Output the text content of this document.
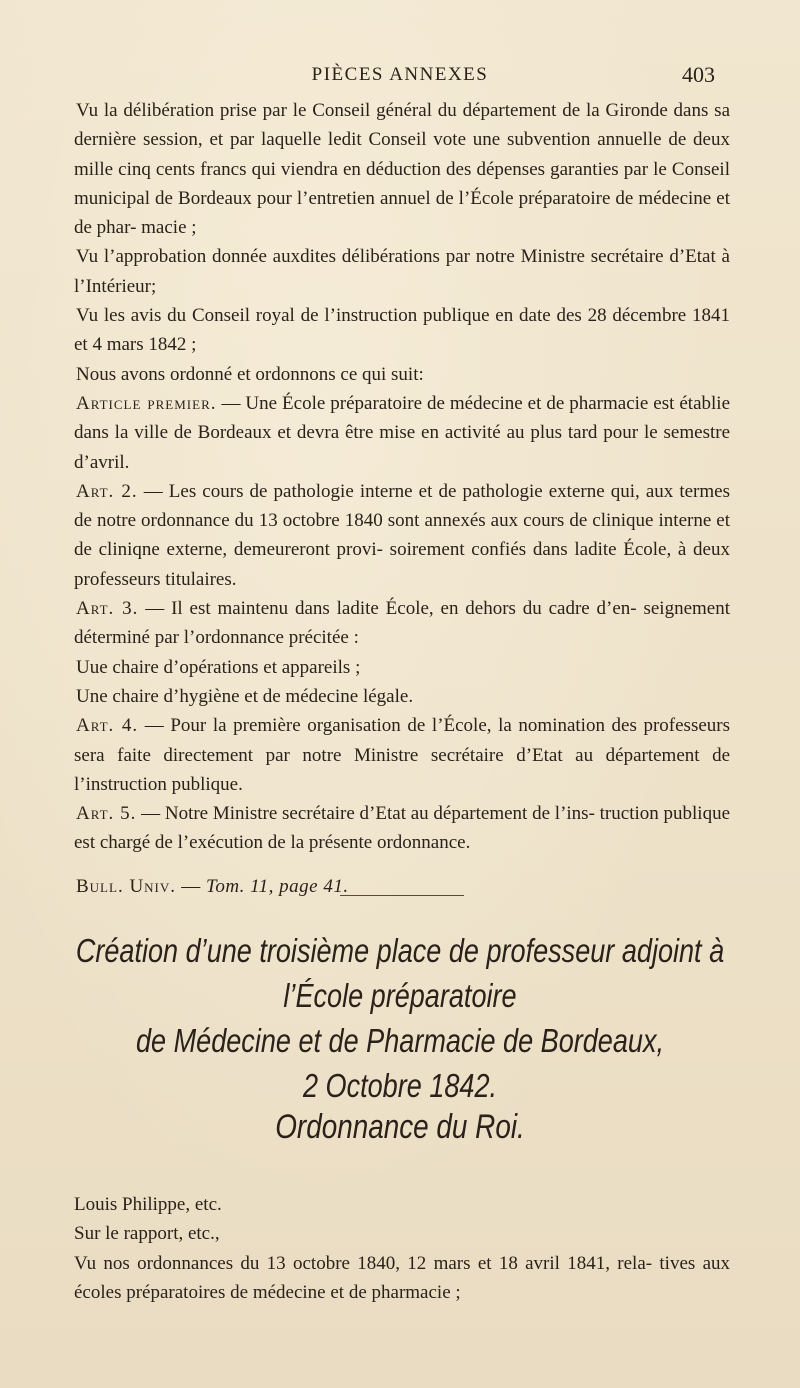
PIÈCES ANNEXES	403

Vu la délibération prise par le Conseil général du département de la Gironde dans sa dernière session, et par laquelle ledit Conseil vote une subvention annuelle de deux mille cinq cents francs qui viendra en déduction des dépenses garanties par le Conseil municipal de Bordeaux pour l’entretien annuel de l’École préparatoire de médecine et de phar- macie ;

Vu l’approbation donnée auxdites délibérations par notre Ministre secrétaire d’Etat à l’Intérieur;

Vu les avis du Conseil royal de l’instruction publique en date des 28 décembre 1841 et 4 mars 1842 ;

Nous avons ordonné et ordonnons ce qui suit:

Article premier. — Une École préparatoire de médecine et de pharmacie est établie dans la ville de Bordeaux et devra être mise en activité au plus tard pour le semestre d’avril.

Art. 2. — Les cours de pathologie interne et de pathologie externe qui, aux termes de notre ordonnance du 13 octobre 1840 sont annexés aux cours de clinique interne et de cliniqne externe, demeureront provi- soirement confiés dans ladite École, à deux professeurs titulaires.

Art. 3. — Il est maintenu dans ladite École, en dehors du cadre d’en- seignement déterminé par l’ordonnance précitée :

Uue chaire d’opérations et appareils ;

Une chaire d’hygiène et de médecine légale.

Art. 4. — Pour la première organisation de l’École, la nomination des professeurs sera faite directement par notre Ministre secrétaire d’Etat au département de l’instruction publique.

Art. 5. — Notre Ministre secrétaire d’Etat au département de l’ins- truction publique est chargé de l’exécution de la présente ordonnance.

Bull. Univ. — Tom. 11, page 41.

Création d’une troisième place de professeur adjoint à
l’École préparatoire
de Médecine et de Pharmacie de Bordeaux,
2 Octobre 1842.
Ordonnance du Roi.

Louis Philippe, etc.

Sur le rapport, etc.,

Vu nos ordonnances du 13 octobre 1840, 12 mars et 18 avril 1841, rela- tives aux écoles préparatoires de médecine et de pharmacie ;
